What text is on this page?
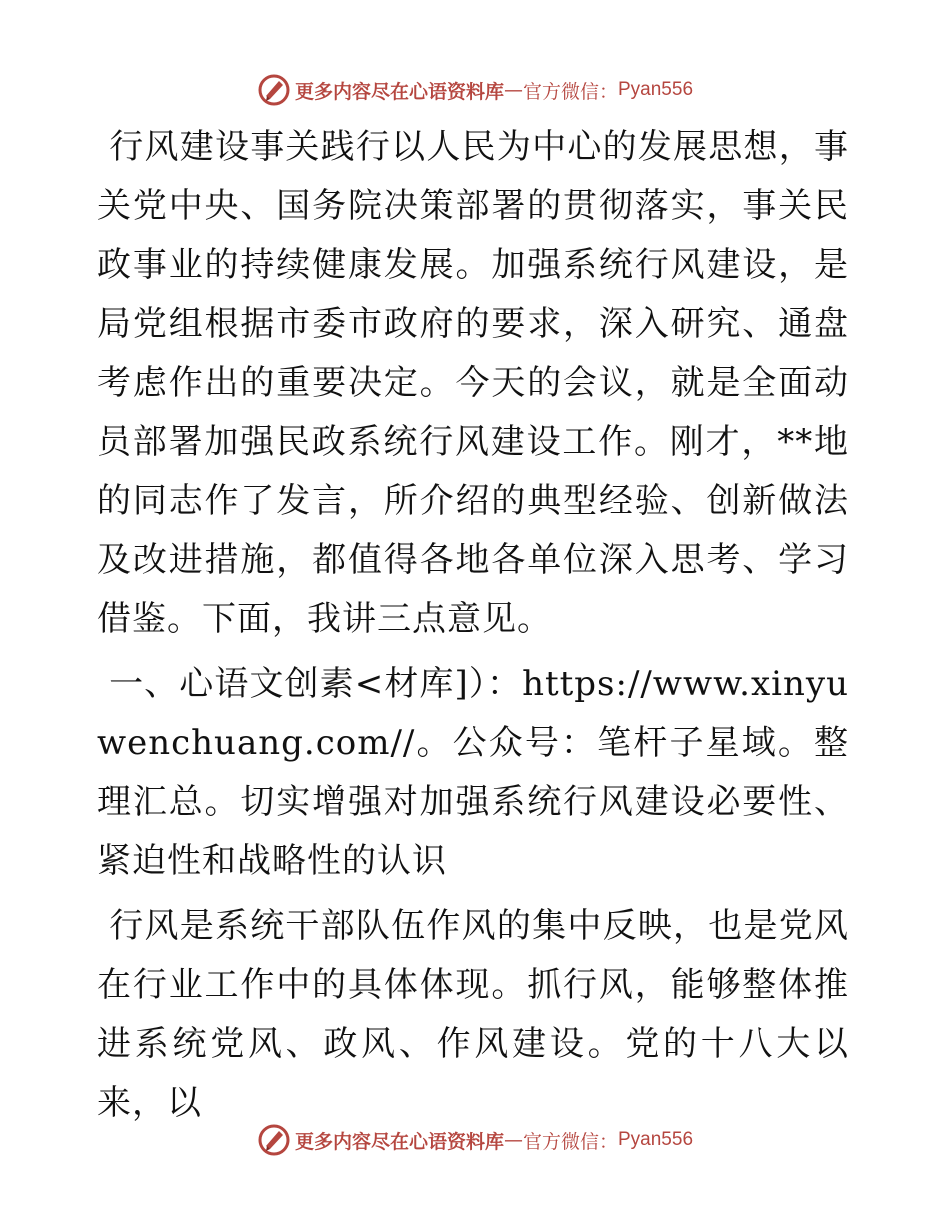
更多内容尽在心语资料库 — 官方微信： Pyan556

行风建设事关践行以人民为中心的发展思想，事关党中央、国务院决策部署的贯彻落实，事关民政事业的持续健康发展。加强系统行风建设，是局党组根据市委市政府的要求，深入研究、通盘考虑作出的重要决定。今天的会议，就是全面动员部署加强民政系统行风建设工作。刚才，**地的同志作了发言，所介绍的典型经验、创新做法及改进措施，都值得各地各单位深入思考、学习借鉴。下面，我讲三点意见。

一、心语文创素<材库]）：https://www.xinyuwenchuang.com//。公众号：笔杆子星域。整理汇总。切实增强对加强系统行风建设必要性、紧迫性和战略性的认识

行风是系统干部队伍作风的集中反映，也是党风在行业工作中的具体体现。抓行风，能够整体推进系统党风、政风、作风建设。党的十八大以来，以

更多内容尽在心语资料库 — 官方微信： Pyan556
